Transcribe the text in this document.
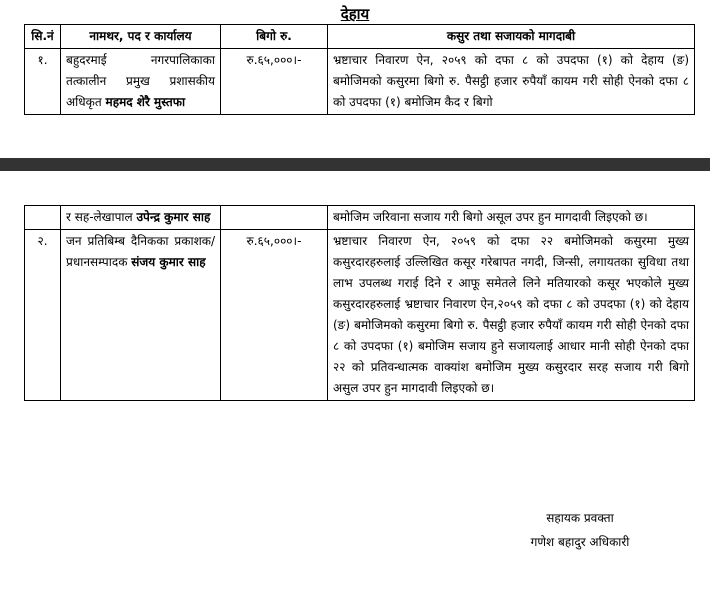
देहाय
सि.नं	नामथर, पद र कार्यालय	बिगो रु.	कसुर तथा सजायको मागदाबी
१.	बहुदरमाई नगरपालिकाका तत्कालीन प्रमुख प्रशासकीय अधिकृत महमद शेरै मुस्तफा	रु.६५,०००।-	भ्रष्टाचार निवारण ऐन, २०५९ को दफा ८ को उपदफा (१) को देहाय (ङ) बमोजिमको कसुरमा बिगो रु. पैसट्ठी हजार रुपैयाँ कायम गरी सोही ऐनको दफा ८ को उपदफा (१) बमोजिम कैद र बिगो
	र सह-लेखापाल उपेन्द्र कुमार साह		बमोजिम जरिवाना सजाय गरी बिगो असूल उपर हुन मागदावी लिइएको छ।
२.	जन प्रतिबिम्ब दैनिकका प्रकाशक/प्रधानसम्पादक संजय कुमार साह	रु.६५,०००।-	भ्रष्टाचार निवारण ऐन, २०५९ को दफा २२ बमोजिमको कसुरमा मुख्य कसुरदारहरुलाई उल्लिखित कसूर गरेबापत नगदी, जिन्सी, लगायतका सुविधा तथा लाभ उपलब्ध गराई दिने र आफू समेतले लिने मतियारको कसूर भएकोले मुख्य कसुरदारहरुलाई भ्रष्टाचार निवारण ऐन,२०५९ को दफा ८ को उपदफा (१) को देहाय (ङ) बमोजिमको कसुरमा बिगो रु. पैसट्ठी हजार रुपैयाँ कायम गरी सोही ऐनको दफा ८ को उपदफा (१) बमोजिम सजाय हुने सजायलाई आधार मानी सोही ऐनको दफा २२ को प्रतिवन्धात्मक वाक्यांश बमोजिम मुख्य कसुरदार सरह सजाय गरी बिगो असुल उपर हुन मागदावी लिइएको छ।
सहायक प्रवक्ता
गणेश बहादुर अधिकारी
